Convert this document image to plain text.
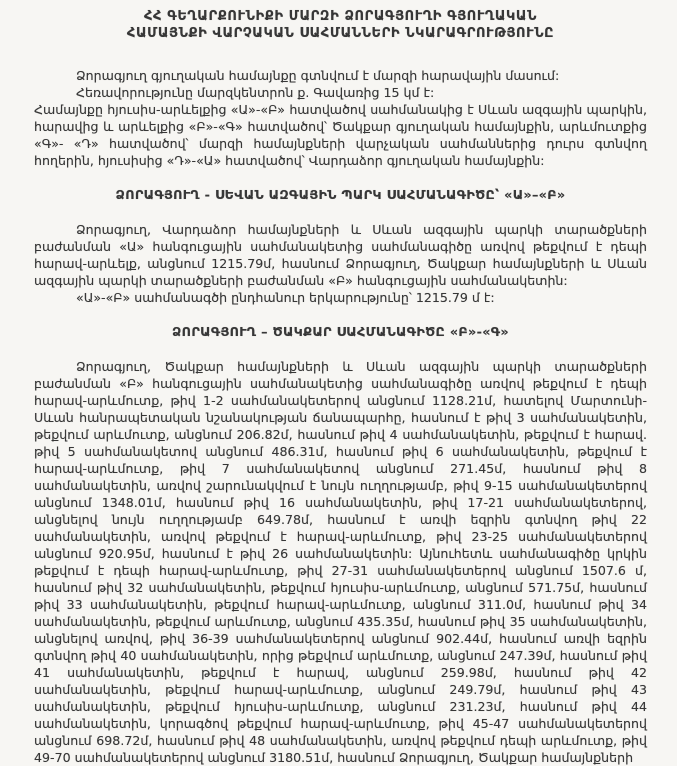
ՀՀ ԳԵՂԱՐՔՈՒՆԻՔԻ ՄԱՐԶԻ ՁՈՐԱԳՅՈՒՂԻ ԳՅՈՒՂԱԿԱՆ
ՀԱՄԱՅՆՔԻ ՎԱՐՉԱԿԱՆ ՍԱՀՄԱՆՆԵՐԻ ՆԿԱՐԱԳՐՈՒԹՅՈՒՆԸ

Ձորագյուղ գյուղական համայնքը գտնվում է մարզի հարավային մասում:

Հեռավորությունը մարզկենտրոն ք. Գավառից 15 կմ է:

Համայնքը հյուսիս-արևելքից «Ա»-«Բ» հատվածով սահմանակից է Սևան ազգային պարկին, հարավից և արևելքից «Բ»-«Գ» հատվածով՝ Ծակքար գյուղական համայնքին, արևմուտքից «Գ»- «Դ» հատվածով՝ մարզի համայնքների վարչական սահմաններից դուրս գտնվող հողերին, հյուսիսից «Դ»-«Ա» հատվածով՝ Վարդաձոր գյուղական համայնքին:

ՁՈՐԱԳՅՈՒՂ - ՍԵՎԱՆ ԱԶԳԱՅԻՆ ՊԱՐԿ ՍԱՀՄԱՆԱԳԻԾԸ՝ «Ա»–«Բ»

Ձորագյուղ, Վարդաձոր համայնքների և Սևան ազգային պարկի տարածքների բաժանման «Ա» հանգուցային սահմանակետից սահմանագիծը առվով թեքվում է դեպի հարավ-արևելք, անցնում 1215.79մ, հասնում Ձորագյուղ, Ծակքար համայնքների և Սևան ազգային պարկի տարածքների բաժանման «Բ» հանգուցային սահմանակետին:

«Ա»-«Բ» սահմանագծի ընդհանուր երկարությունը՝ 1215.79 մ է:

ՁՈՐԱԳՅՈՒՂ – ԾԱԿՔԱՐ ՍԱՀՄԱՆԱԳԻԾԸ «Բ»-«Գ»

Ձորագյուղ, Ծակքար համայնքների և Սևան ազգային պարկի տարածքների բաժանման «Բ» հանգուցային սահմանակետից սահմանագիծը առվով թեքվում է դեպի հարավ-արևմուտք, թիվ 1-2 սահմանակետերով անցնում 1128.21մ, հատելով Մարտունի-Սևան հանրապետական նշանակության ճանապարհը, հասնում է թիվ 3 սահմանակետին, թեքվում արևմուտք, անցնում 206.82մ, հասնում թիվ 4 սահմանակետին, թեքվում է հարավ. թիվ 5 սահմանակետով անցնում 486.31մ, հասնում թիվ 6 սահմանակետին, թեքվում է հարավ-արևմուտք, թիվ 7 սահմանակետով անցնում 271.45մ, հասնում թիվ 8 սահմանակետին, առվով շարունակվում է նույն ուղղությամբ, թիվ 9-15 սահմանակետերով անցնում 1348.01մ, հասնում թիվ 16 սահմանակետին, թիվ 17-21 սահմանակետերով, անցնելով նույն ուղղությամբ 649.78մ, հասնում է առվի եզրին գտնվող թիվ 22 սահմանակետին, առվով թեքվում է հարավ-արևմուտք, թիվ 23-25 սահմանակետերով անցնում 920.95մ, հասնում է թիվ 26 սահմանակետին: Այնուհետև սահմանագիծը կրկին թեքվում է դեպի հարավ-արևմուտք, թիվ 27-31 սահմանակետերով անցնում 1507.6 մ, հասնում թիվ 32 սահմանակետին, թեքվում հյուսիս-արևմուտք, անցնում 571.75մ, հասնում թիվ 33 սահմանակետին, թեքվում հարավ-արևմուտք, անցնում 311.0մ, հասնում թիվ 34 սահմանակետին, թեքվում արևմուտք, անցնում 435.35մ, հասնում թիվ 35 սահմանակետին, անցնելով առվով, թիվ 36-39 սահմանակետերով անցնում 902.44մ, հասնում առվի եզրին գտնվող թիվ 40 սահմանակետին, որից թեքվում արևմուտք, անցնում 247.39մ, հասնում թիվ 41 սահմանակետին, թեքվում է հարավ, անցնում 259.98մ, հասնում թիվ 42 սահմանակետին, թեքվում հարավ-արևմուտք, անցնում 249.79մ, հասնում թիվ 43 սահմանակետին, թեքվում հյուսիս-արևմուտք, անցնում 231.23մ, հասնում թիվ 44 սահմանակետին, կորագծով թեքվում հարավ-արևմուտք, թիվ 45-47 սահմանակետերով անցնում 698.72մ, հասնում թիվ 48 սահմանակետին, առվով թեքվում դեպի արևմուտք, թիվ 49-70 սահմանակետերով անցնում 3180.51մ, հասնում Ձորագյուղ, Ծակքար համայնքների
